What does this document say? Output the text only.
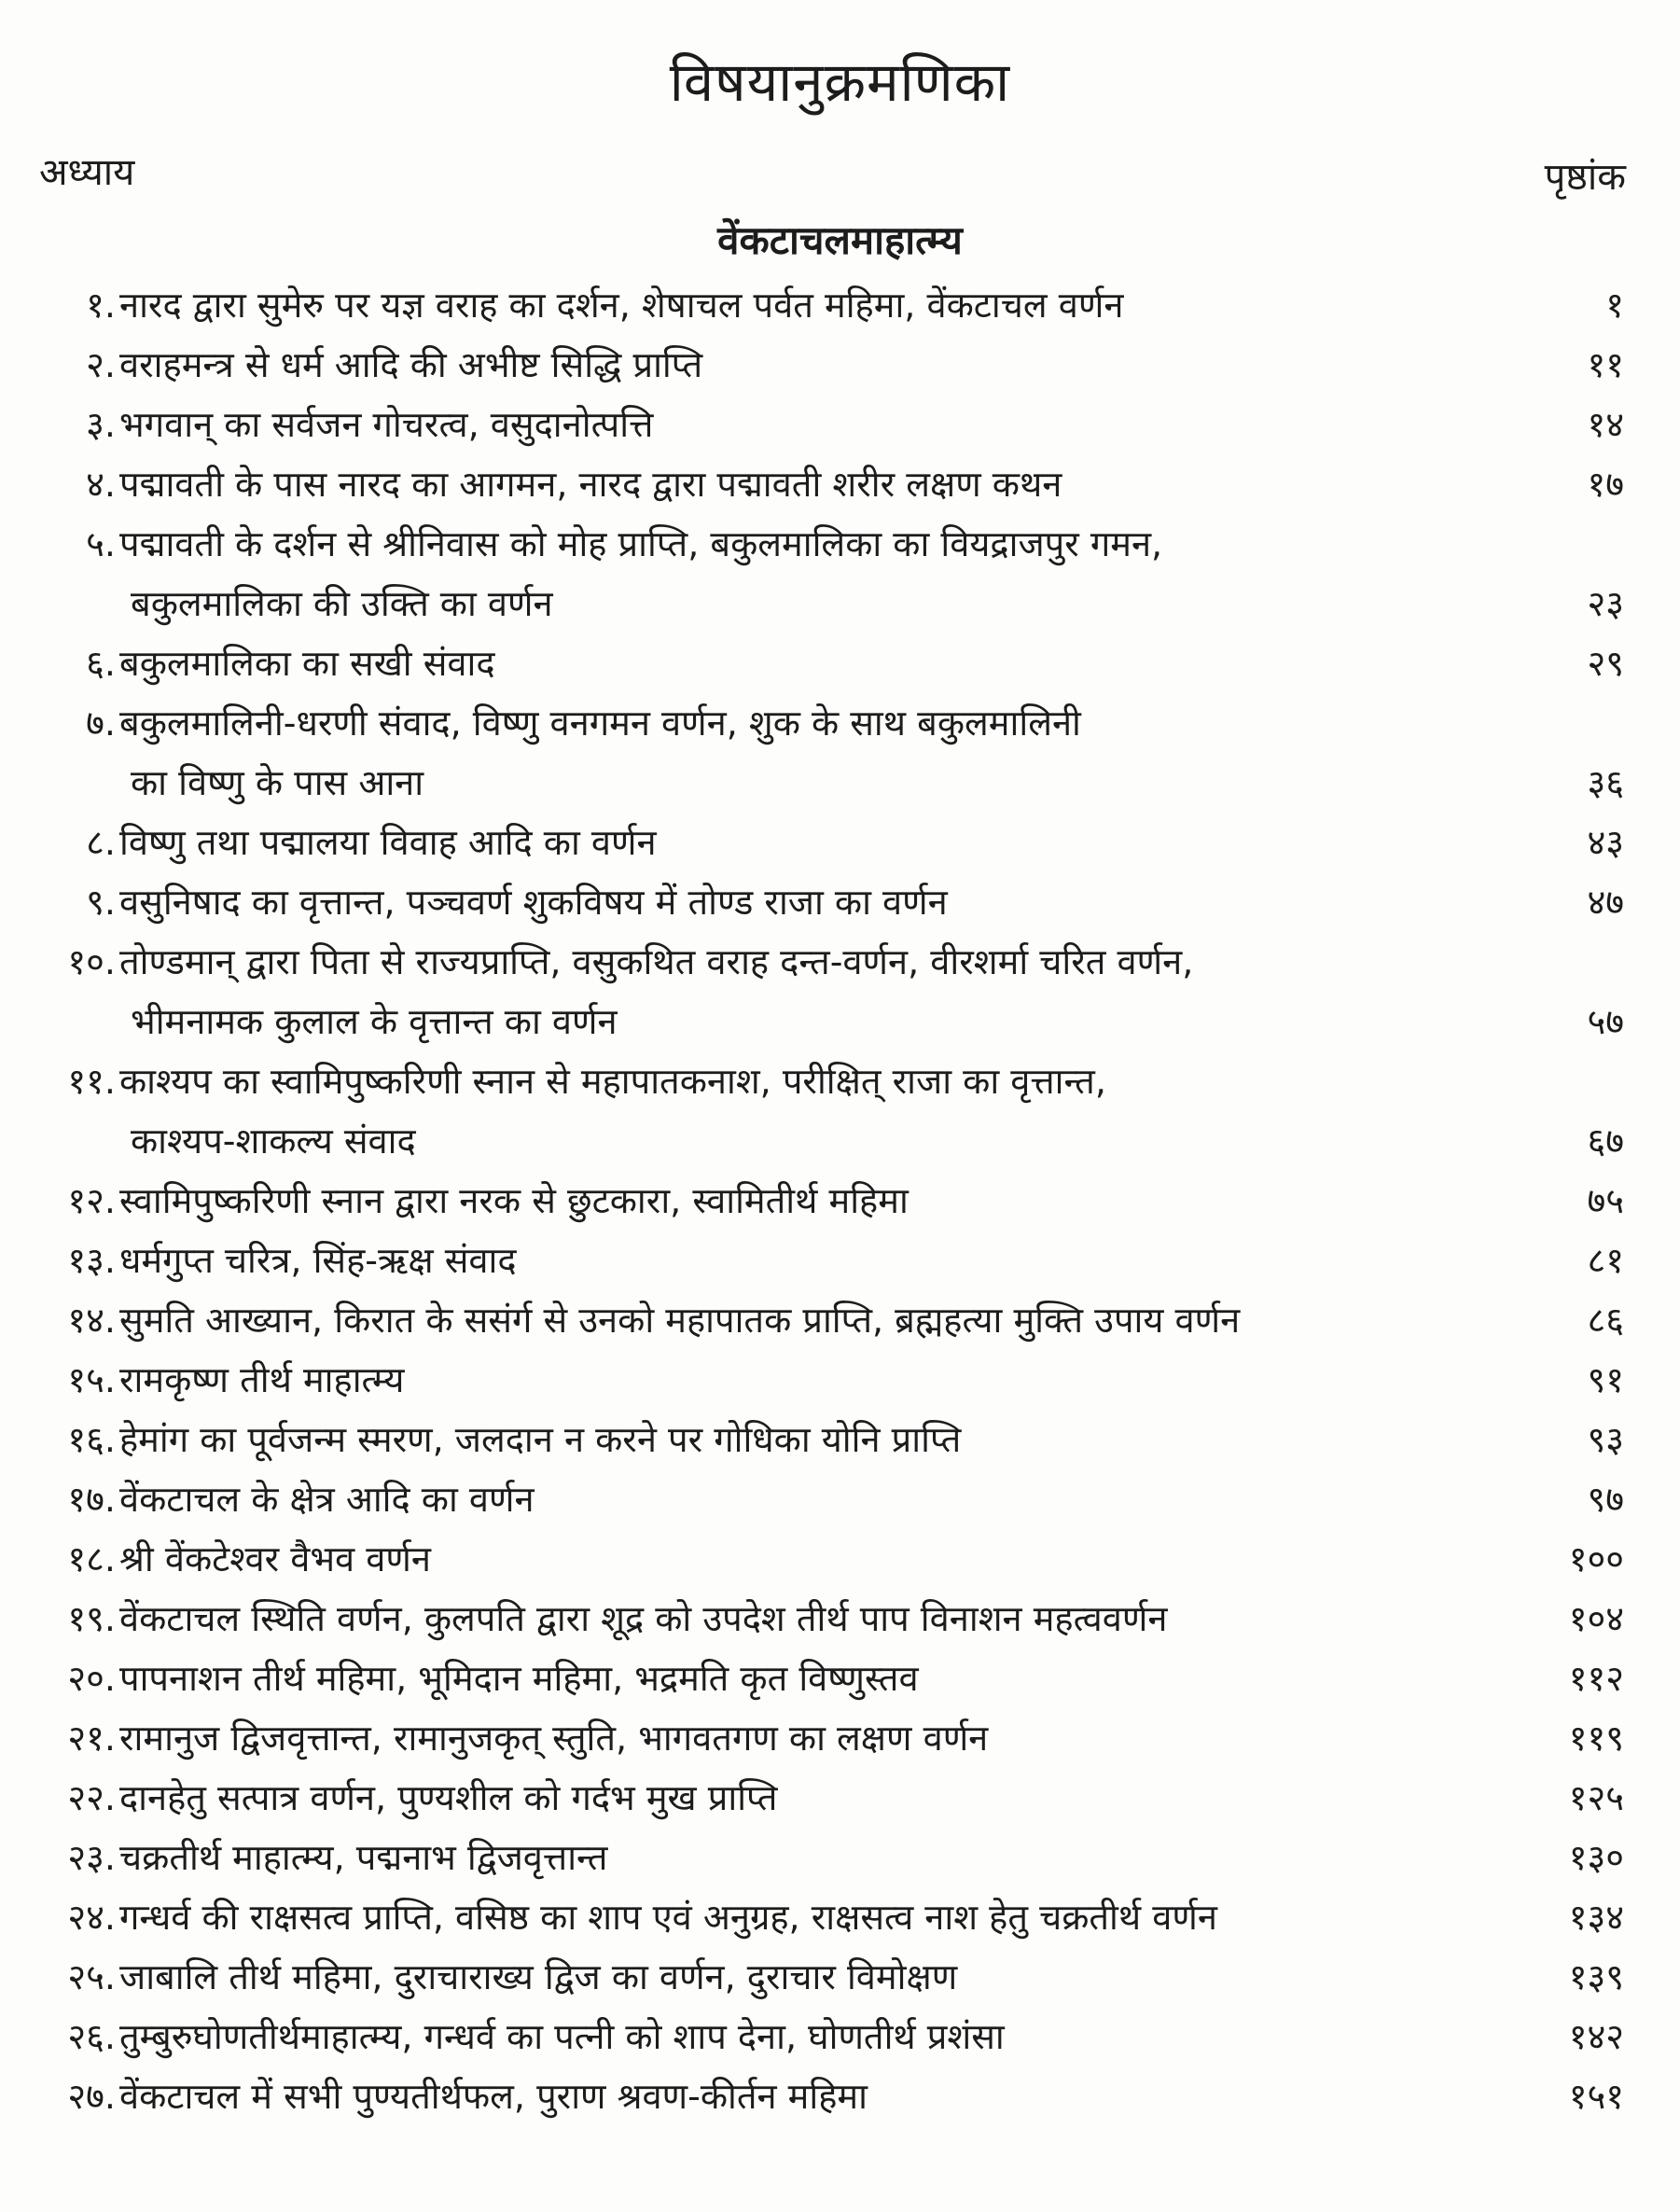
विषयानुक्रमणिका
अध्याय	पृष्ठांक
वेंकटाचलमाहात्म्य
१. नारद द्वारा सुमेरु पर यज्ञ वराह का दर्शन, शेषाचल पर्वत महिमा, वेंकटाचल वर्णन	१
२. वराहमन्त्र से धर्म आदि की अभीष्ट सिद्धि प्राप्ति	११
३. भगवान् का सर्वजन गोचरत्व, वसुदानोत्पत्ति	१४
४. पद्मावती के पास नारद का आगमन, नारद द्वारा पद्मावती शरीर लक्षण कथन	१७
५. पद्मावती के दर्शन से श्रीनिवास को मोह प्राप्ति, बकुलमालिका का वियद्राजपुर गमन,
बकुलमालिका की उक्ति का वर्णन	२३
६. बकुलमालिका का सखी संवाद	२९
७. बकुलमालिनी-धरणी संवाद, विष्णु वनगमन वर्णन, शुक के साथ बकुलमालिनी
का विष्णु के पास आना	३६
८. विष्णु तथा पद्मालया विवाह आदि का वर्णन	४३
९. वसुनिषाद का वृत्तान्त, पञ्चवर्ण शुकविषय में तोण्ड राजा का वर्णन	४७
१०. तोण्डमान् द्वारा पिता से राज्यप्राप्ति, वसुकथित वराह दन्त-वर्णन, वीरशर्मा चरित वर्णन,
भीमनामक कुलाल के वृत्तान्त का वर्णन	५७
११. काश्यप का स्वामिपुष्करिणी स्नान से महापातकनाश, परीक्षित् राजा का वृत्तान्त,
काश्यप-शाकल्य संवाद	६७
१२. स्वामिपुष्करिणी स्नान द्वारा नरक से छुटकारा, स्वामितीर्थ महिमा	७५
१३. धर्मगुप्त चरित्र, सिंह-ऋक्ष संवाद	८१
१४. सुमति आख्यान, किरात के ससंर्ग से उनको महापातक प्राप्ति, ब्रह्महत्या मुक्ति उपाय वर्णन	८६
१५. रामकृष्ण तीर्थ माहात्म्य	९१
१६. हेमांग का पूर्वजन्म स्मरण, जलदान न करने पर गोधिका योनि प्राप्ति	९३
१७. वेंकटाचल के क्षेत्र आदि का वर्णन	९७
१८. श्री वेंकटेश्वर वैभव वर्णन	१००
१९. वेंकटाचल स्थिति वर्णन, कुलपति द्वारा शूद्र को उपदेश तीर्थ पाप विनाशन महत्ववर्णन	१०४
२०. पापनाशन तीर्थ महिमा, भूमिदान महिमा, भद्रमति कृत विष्णुस्तव	११२
२१. रामानुज द्विजवृत्तान्त, रामानुजकृत् स्तुति, भागवतगण का लक्षण वर्णन	११९
२२. दानहेतु सत्पात्र वर्णन, पुण्यशील को गर्दभ मुख प्राप्ति	१२५
२३. चक्रतीर्थ माहात्म्य, पद्मनाभ द्विजवृत्तान्त	१३०
२४. गन्धर्व की राक्षसत्व प्राप्ति, वसिष्ठ का शाप एवं अनुग्रह, राक्षसत्व नाश हेतु चक्रतीर्थ वर्णन	१३४
२५. जाबालि तीर्थ महिमा, दुराचाराख्य द्विज का वर्णन, दुराचार विमोक्षण	१३९
२६. तुम्बुरुघोणतीर्थमाहात्म्य, गन्धर्व का पत्नी को शाप देना, घोणतीर्थ प्रशंसा	१४२
२७. वेंकटाचल में सभी पुण्यतीर्थफल, पुराण श्रवण-कीर्तन महिमा	१५१
